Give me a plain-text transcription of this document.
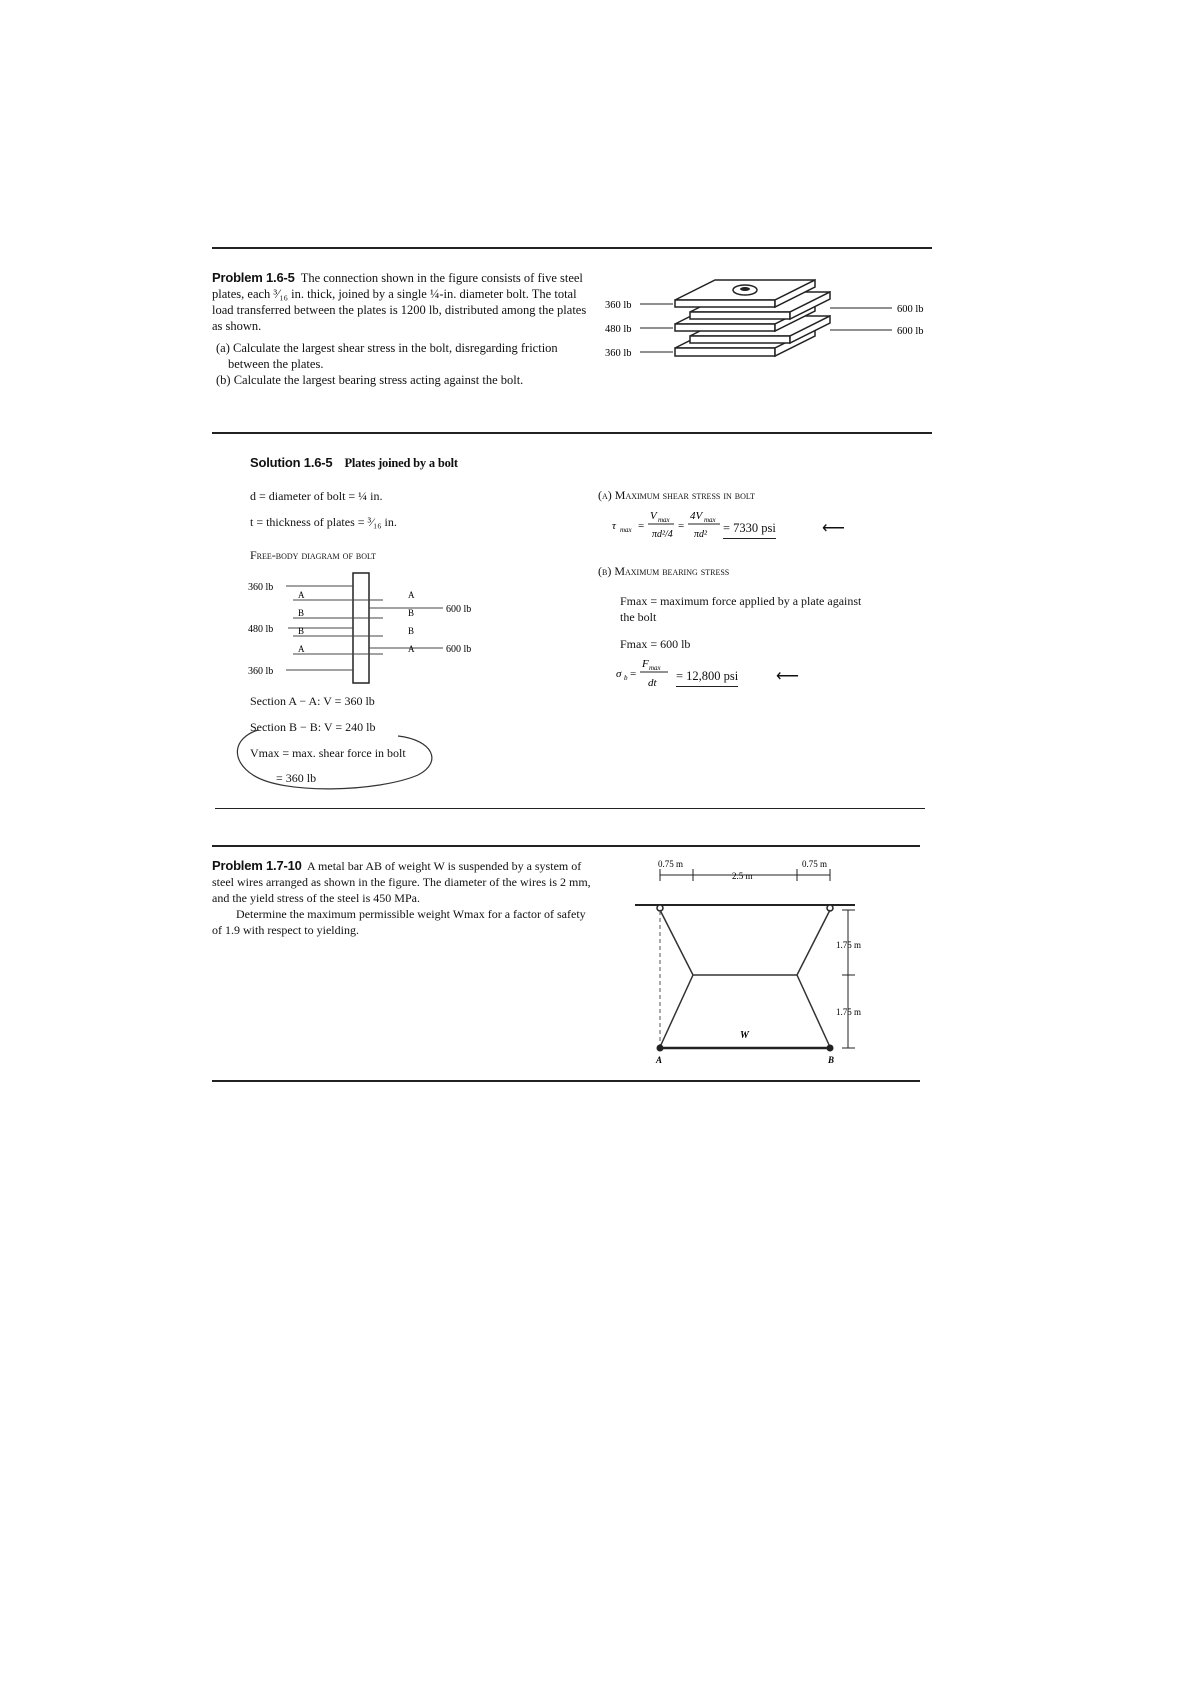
Problem 1.6-5 The connection shown in the figure consists of five steel plates, each ³⁄₁₆ in. thick, joined by a single ¼-in. diameter bolt. The total load transferred between the plates is 1200 lb, distributed among the plates as shown.
(a) Calculate the largest shear stress in the bolt, disregarding friction between the plates.
(b) Calculate the largest bearing stress acting against the bolt.
360 lb
480 lb
360 lb
600 lb
600 lb
Solution 1.6-5 Plates joined by a bolt
d = diameter of bolt = ¼ in.
t = thickness of plates = ³⁄₁₆ in.
Free-body diagram of bolt
360 lb
480 lb
360 lb
600 lb
600 lb
A
B
B
A
A
B
B
A
Section A − A: V = 360 lb
Section B − B: V = 240 lb
Vmax = max. shear force in bolt
= 360 lb
(a) Maximum shear stress in bolt
τ max =
V max
πd²/4
=
4V max
πd² = 7330 psi	⟵
(b) Maximum bearing stress
Fmax = maximum force applied by a plate against the bolt
Fmax = 600 lb
σ b =
F max
dt = 12,800 psi ⟵
Problem 1.7-10 A metal bar AB of weight W is suspended by a system of steel wires arranged as shown in the figure. The diameter of the wires is 2 mm, and the yield stress of the steel is 450 MPa.
Determine the maximum permissible weight Wmax for a factor of safety of 1.9 with respect to yielding.
0.75 m
2.5 m
0.75 m
W
A	B
1.75 m
1.75 m
